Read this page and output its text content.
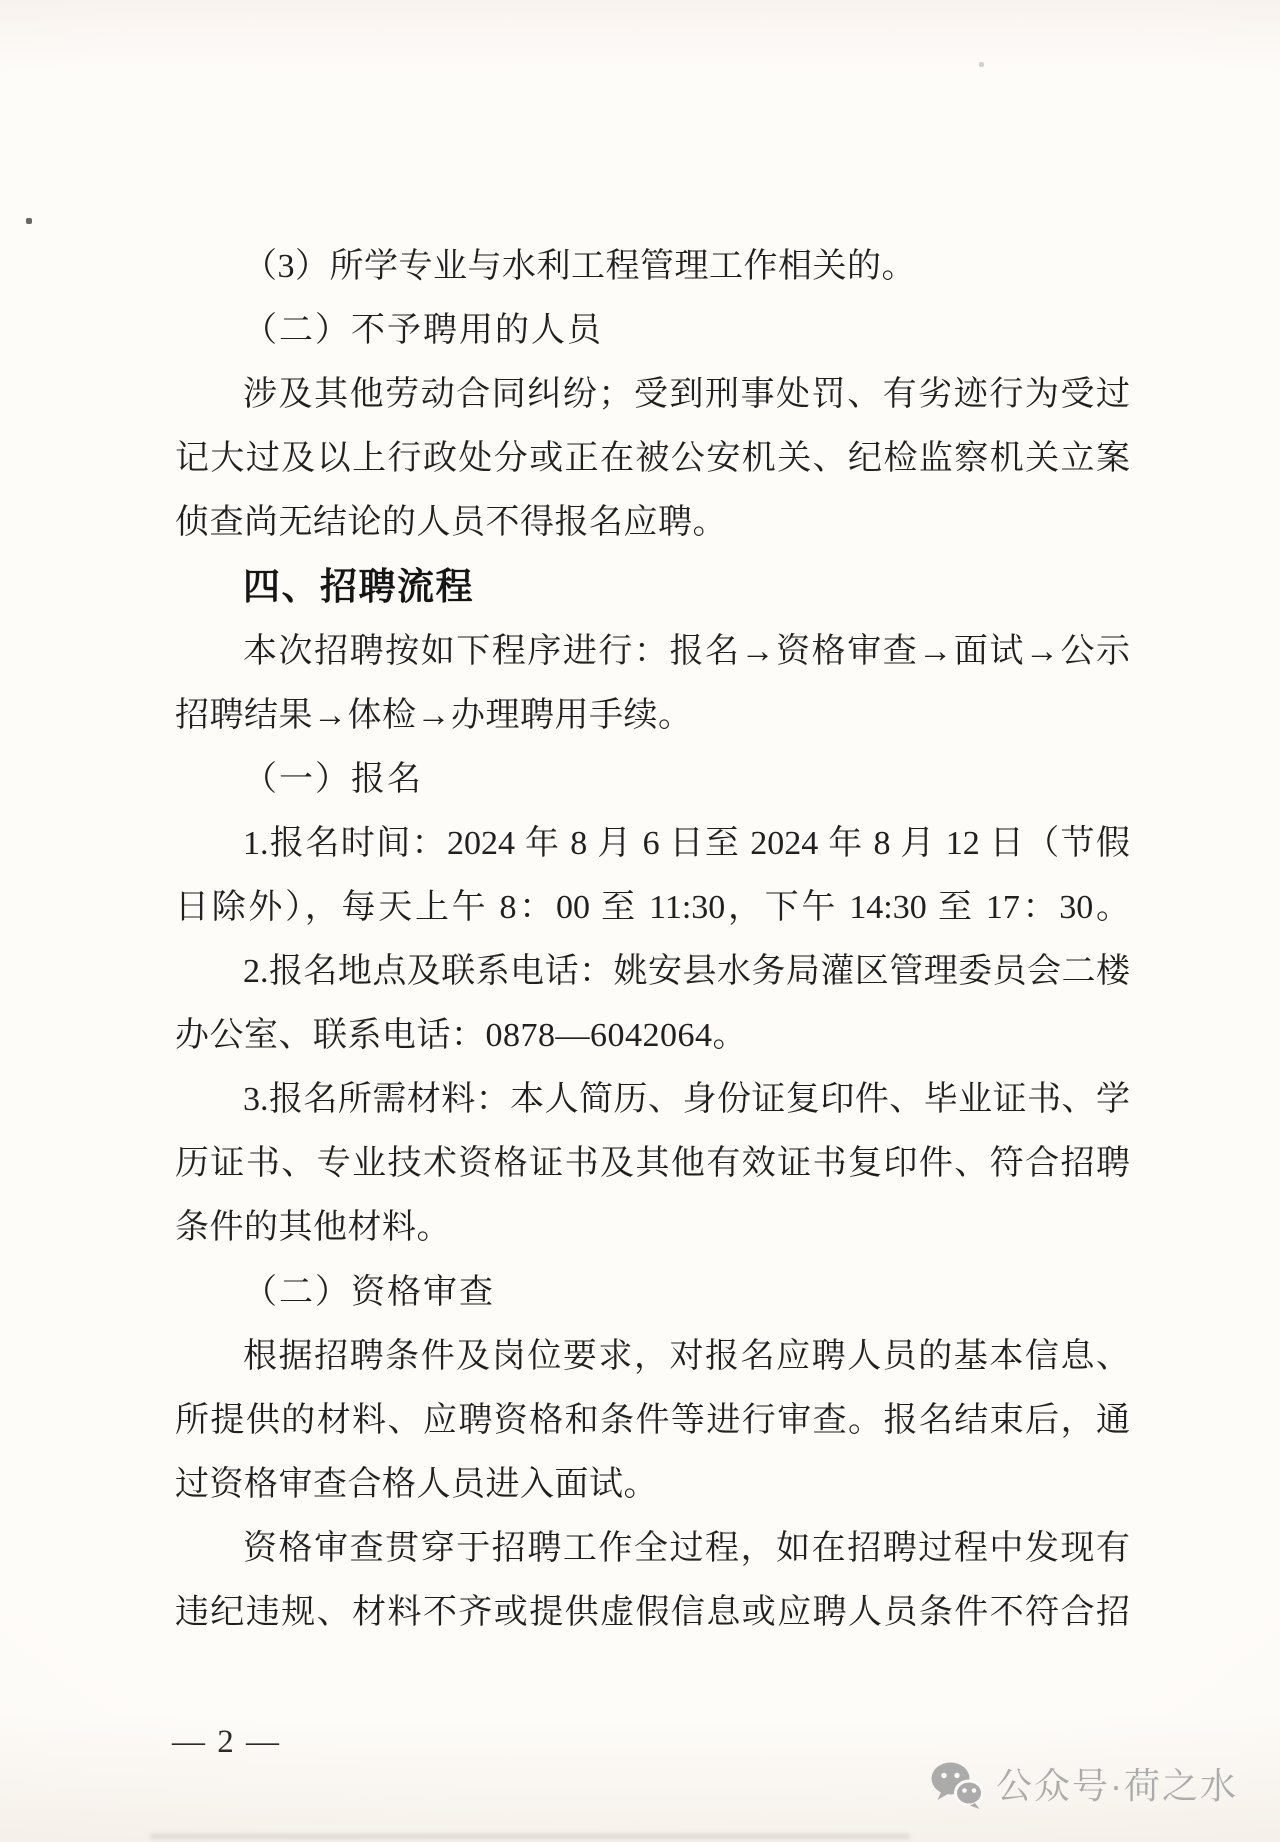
（3）所学专业与水利工程管理工作相关的。
（二）不予聘用的人员
涉及其他劳动合同纠纷；受到刑事处罚、有劣迹行为受过
记大过及以上行政处分或正在被公安机关、纪检监察机关立案
侦查尚无结论的人员不得报名应聘。
四、招聘流程
本次招聘按如下程序进行：报名→资格审查→面试→公示
招聘结果→体检→办理聘用手续。
（一）报名
1.报名时间：2024 年 8 月 6 日至 2024 年 8 月 12 日（节假
日除外），每天上午 8：00 至 11:30，下午 14:30 至 17：30。
2.报名地点及联系电话：姚安县水务局灌区管理委员会二楼
办公室、联系电话：0878—6042064。
3.报名所需材料：本人简历、身份证复印件、毕业证书、学
历证书、专业技术资格证书及其他有效证书复印件、符合招聘
条件的其他材料。
（二）资格审查
根据招聘条件及岗位要求，对报名应聘人员的基本信息、
所提供的材料、应聘资格和条件等进行审查。报名结束后，通
过资格审查合格人员进入面试。
资格审查贯穿于招聘工作全过程，如在招聘过程中发现有
违纪违规、材料不齐或提供虚假信息或应聘人员条件不符合招
— 2 —
公众号·荷之水
